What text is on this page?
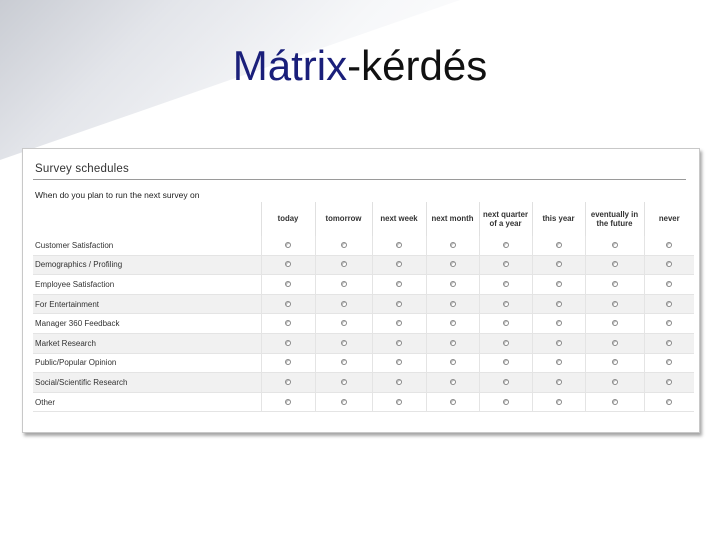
Mátrix-kérdés
Survey schedules
When do you plan to run the next survey on
	today	tomorrow	next week	next month	next quarter of a year	this year	eventually in the future	never
Customer Satisfaction								
Demographics / Profiling								
Employee Satisfaction								
For Entertainment								
Manager 360 Feedback								
Market Research								
Public/Popular Opinion								
Social/Scientific Research								
Other								
